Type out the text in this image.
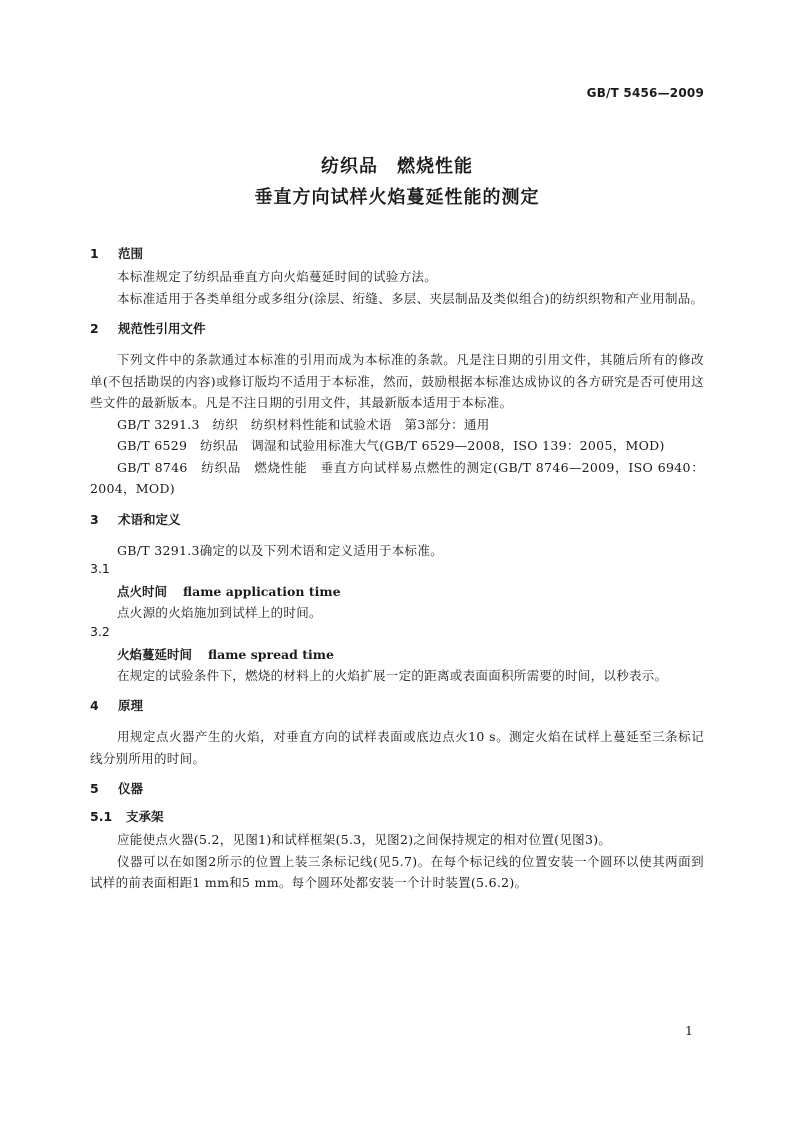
GB/T 5456—2009
纺织品　燃烧性能
垂直方向试样火焰蔓延性能的测定
1 范围
本标准规定了纺织品垂直方向火焰蔓延时间的试验方法。
本标准适用于各类单组分或多组分(涂层、绗缝、多层、夹层制品及类似组合)的纺织织物和产业用制品。
2 规范性引用文件
下列文件中的条款通过本标准的引用而成为本标准的条款。凡是注日期的引用文件，其随后所有的修改单(不包括勘误的内容)或修订版均不适用于本标准，然而，鼓励根据本标准达成协议的各方研究是否可使用这些文件的最新版本。凡是不注日期的引用文件，其最新版本适用于本标准。
GB/T 3291.3　纺织　纺织材料性能和试验术语　第3部分：通用
GB/T 6529　纺织品　调湿和试验用标准大气(GB/T 6529—2008，ISO 139：2005，MOD)
GB/T 8746　纺织品　燃烧性能　垂直方向试样易点燃性的测定(GB/T 8746—2009，ISO 6940：2004，MOD)
3 术语和定义
GB/T 3291.3确定的以及下列术语和定义适用于本标准。
3.1
点火时间 flame application time
点火源的火焰施加到试样上的时间。
3.2
火焰蔓延时间 flame spread time
在规定的试验条件下，燃烧的材料上的火焰扩展一定的距离或表面面积所需要的时间，以秒表示。
4 原理
用规定点火器产生的火焰，对垂直方向的试样表面或底边点火10 s。测定火焰在试样上蔓延至三条标记线分别所用的时间。
5 仪器
5.1 支承架
应能使点火器(5.2，见图1)和试样框架(5.3，见图2)之间保持规定的相对位置(见图3)。
仪器可以在如图2所示的位置上装三条标记线(见5.7)。在每个标记线的位置安装一个圆环以使其两面到试样的前表面相距1 mm和5 mm。每个圆环处都安装一个计时装置(5.6.2)。
1
